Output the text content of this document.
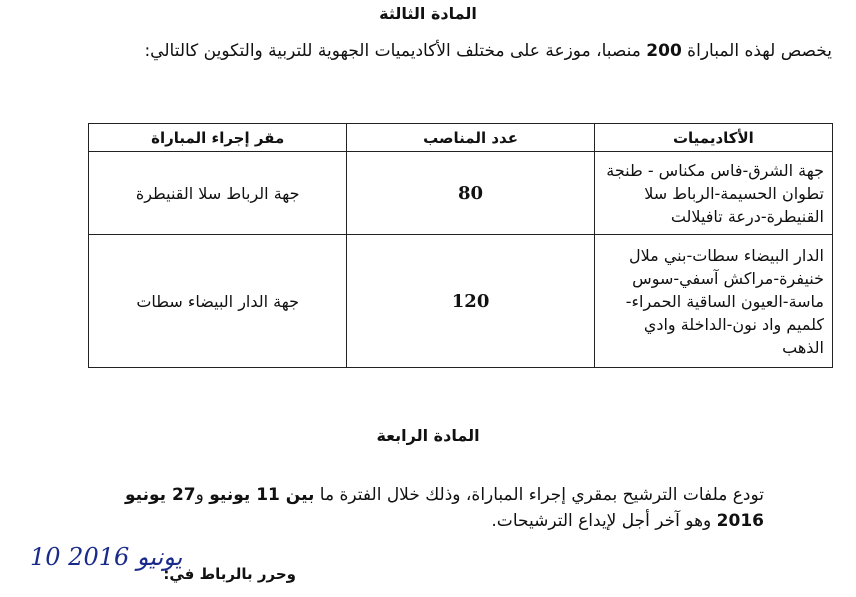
المادة الثالثة
يخصص لهذه المباراة 200 منصبا، موزعة على مختلف الأكاديميات الجهوية للتربية والتكوين كالتالي:
الأكاديميات	عدد المناصب	مقر إجراء المباراة
جهة الشرق-فاس مكناس - طنجة تطوان الحسيمة-الرباط سلا القنيطرة-درعة تافيلالت	80	جهة الرباط سلا القنيطرة
الدار البيضاء سطات-بني ملال خنيفرة-مراكش آسفي-سوس ماسة-العيون الساقية الحمراء-كلميم واد نون-الداخلة وادي الذهب	120	جهة الدار البيضاء سطات
المادة الرابعة
تودع ملفات الترشيح بمقري إجراء المباراة، وذلك خلال الفترة ما بين 11 يونيو و27 يونيو 2016 وهو آخر أجل لإيداع الترشيحات.
وحرر بالرباط في:
10 يونيو 2016
